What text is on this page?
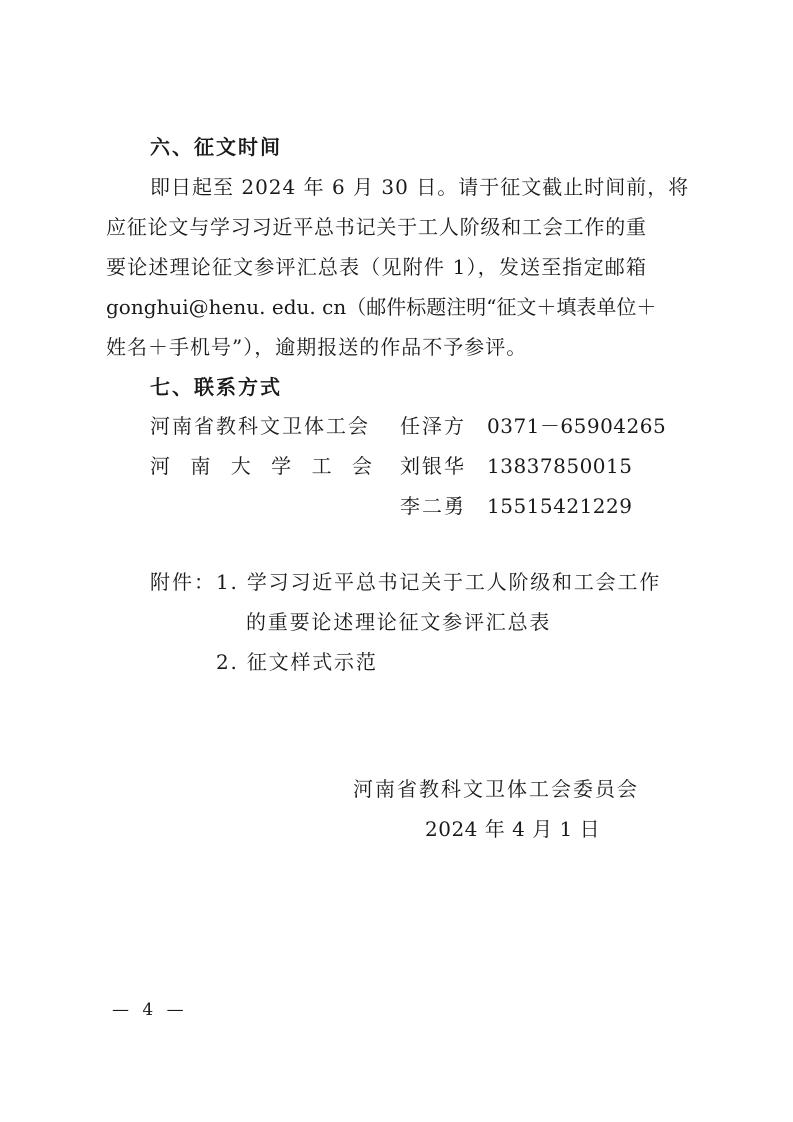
六、征文时间
即日起至 2024 年 6 月 30 日。请于征文截止时间前，将
应征论文与学习习近平总书记关于工人阶级和工会工作的重
要论述理论征文参评汇总表（见附件 1），发送至指定邮箱
gonghui@henu. edu. cn（邮件标题注明“征文＋填表单位＋
姓名＋手机号”），逾期报送的作品不予参评。
七、联系方式
河南省教科文卫体工会 任泽方 0371－65904265
河 南 大 学 工 会 刘银华 13837850015
李二勇 15515421229
附件： 1. 学习习近平总书记关于工人阶级和工会工作
的重要论述理论征文参评汇总表
2. 征文样式示范
河南省教科文卫体工会委员会
2024 年 4 月 1 日
— 4 —
